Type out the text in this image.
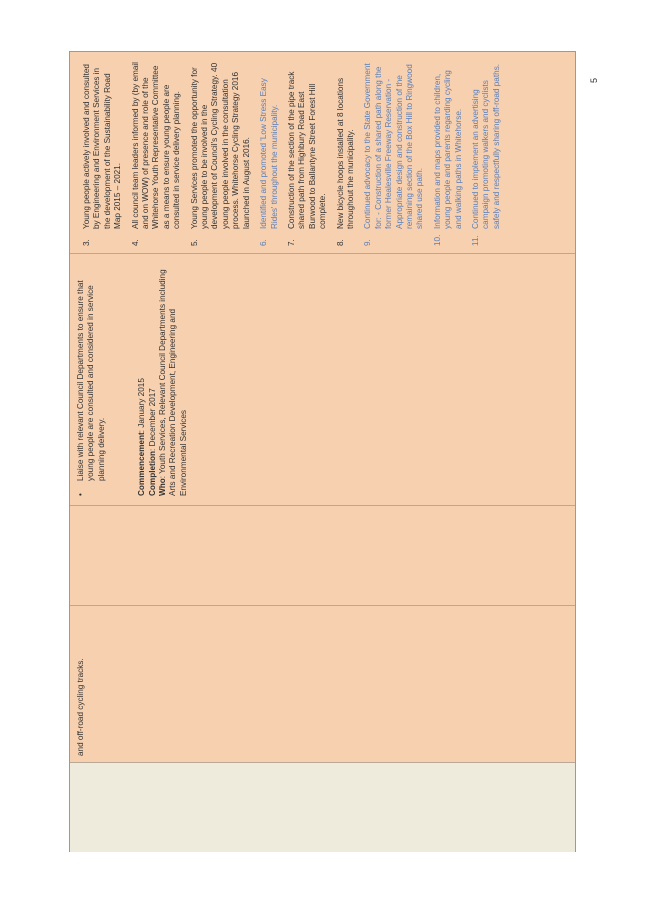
3.
Young people actively involved and consulted by Engineering and Environment Services in the development of the Sustainability Road Map 2015 – 2021.
4.
All council team leaders informed by (by email and on WOW) of presence and role of the Whitehorse Youth Representative Committee as a means to ensure young people are consulted in service delivery planning.
5.
Young Services promoted the opportunity for young people to be involved in the development of Council's Cycling Strategy. 40 young people involved in the consultation process. Whitehorse Cycling Strategy 2016 launched in August 2016.
6.
Identified and promoted 'Low Stress Easy Rides' throughout the municipality.
7.
Construction of the section of the pipe track shared path from Highbury Road East Burwood to Ballantyne Street Forest Hill complete.
8.
New bicycle hoops installed at 8 locations throughout the municipality.
9.
Continued advocacy to the State Government for: - Construction of a shared path along the former Healesville Freeway Reservation - Appropriate design and construction of the remaining section of the Box Hill to Ringwood shared use path.
10.
Information and maps provided to children, young people and parents regarding cycling and walking paths in Whitehorse.
11.
Continued to implement an advertising campaign promoting walkers and cyclists safely and respectfully sharing off-road paths.
•
Liaise with relevant Council Departments to ensure that young people are consulted and considered in service planning delivery.	Commencement: January 2015

Completion: December 2017

Who: Youth Services, Relevant Council Departments including Arts and Recreation Development, Engineering and Environmental Services

and off-road cycling tracks.

5
